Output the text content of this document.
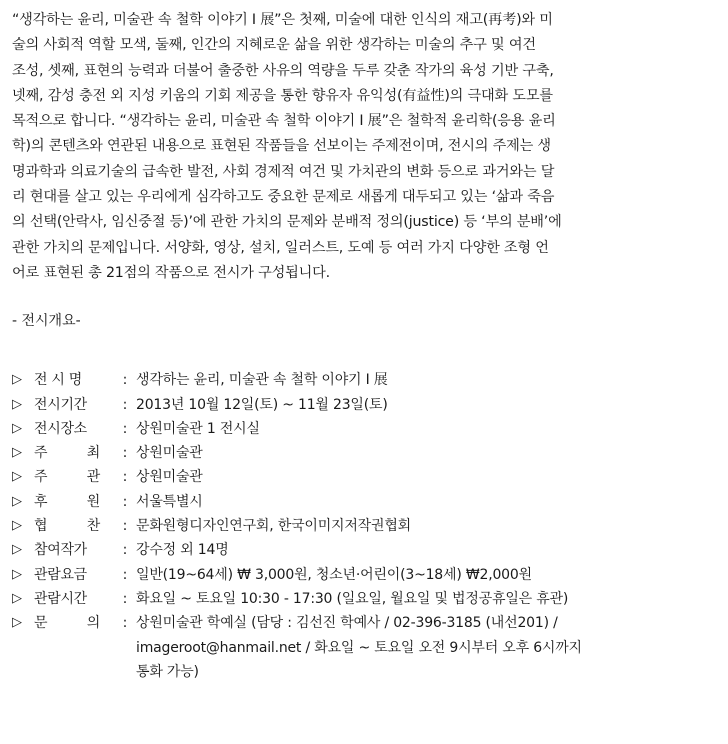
“생각하는 윤리, 미술관 속 철학 이야기 I 展”은 첫째, 미술에 대한 인식의 재고(再考)와 미
술의 사회적 역할 모색, 둘째, 인간의 지혜로운 삶을 위한 생각하는 미술의 추구 및 여건
조성, 셋째, 표현의 능력과 더불어 출중한 사유의 역량을 두루 갖춘 작가의 육성 기반 구축,
넷째, 감성 충전 외 지성 키움의 기회 제공을 통한 향유자 유익성(有益性)의 극대화 도모를
목적으로 합니다. “생각하는 윤리, 미술관 속 철학 이야기 I 展”은 철학적 윤리학(응용 윤리
학)의 콘텐츠와 연관된 내용으로 표현된 작품들을 선보이는 주제전이며, 전시의 주제는 생
명과학과 의료기술의 급속한 발전, 사회 경제적 여건 및 가치관의 변화 등으로 과거와는 달
리 현대를 살고 있는 우리에게 심각하고도 중요한 문제로 새롭게 대두되고 있는 ‘삶과 죽음
의 선택(안락사, 임신중절 등)’에 관한 가치의 문제와 분배적 정의(justice) 등 ‘부의 분배’에
관한 가치의 문제입니다. 서양화, 영상, 설치, 일러스트, 도예 등 여러 가지 다양한 조형 언
어로 표현된 총 21점의 작품으로 전시가 구성됩니다.
- 전시개요-
▷ 전 시 명	: 생각하는 윤리, 미술관 속 철학 이야기 I 展
▷ 전시기간	: 2013년 10월 12일(토) ~ 11월 23일(토)
▷ 전시장소	: 상원미술관 1 전시실
▷ 주	최	: 상원미술관
▷ 주	관	: 상원미술관
▷ 후	원	: 서울특별시
▷ 협	찬	: 문화원형디자인연구회, 한국이미지저작권협회
▷ 참여작가	: 강수정 외 14명
▷ 관람요금	: 일반(19~64세) ₩ 3,000원, 청소년·어린이(3~18세) ₩2,000원
▷ 관람시간	: 화요일 ~ 토요일 10:30 - 17:30 (일요일, 월요일 및 법정공휴일은 휴관)
▷ 문	의	: 상원미술관 학예실 (담당 : 김선진 학예사 / 02-396-3185 (내선201) /
imageroot@hanmail.net / 화요일 ~ 토요일 오전 9시부터 오후 6시까지
통화 가능)
